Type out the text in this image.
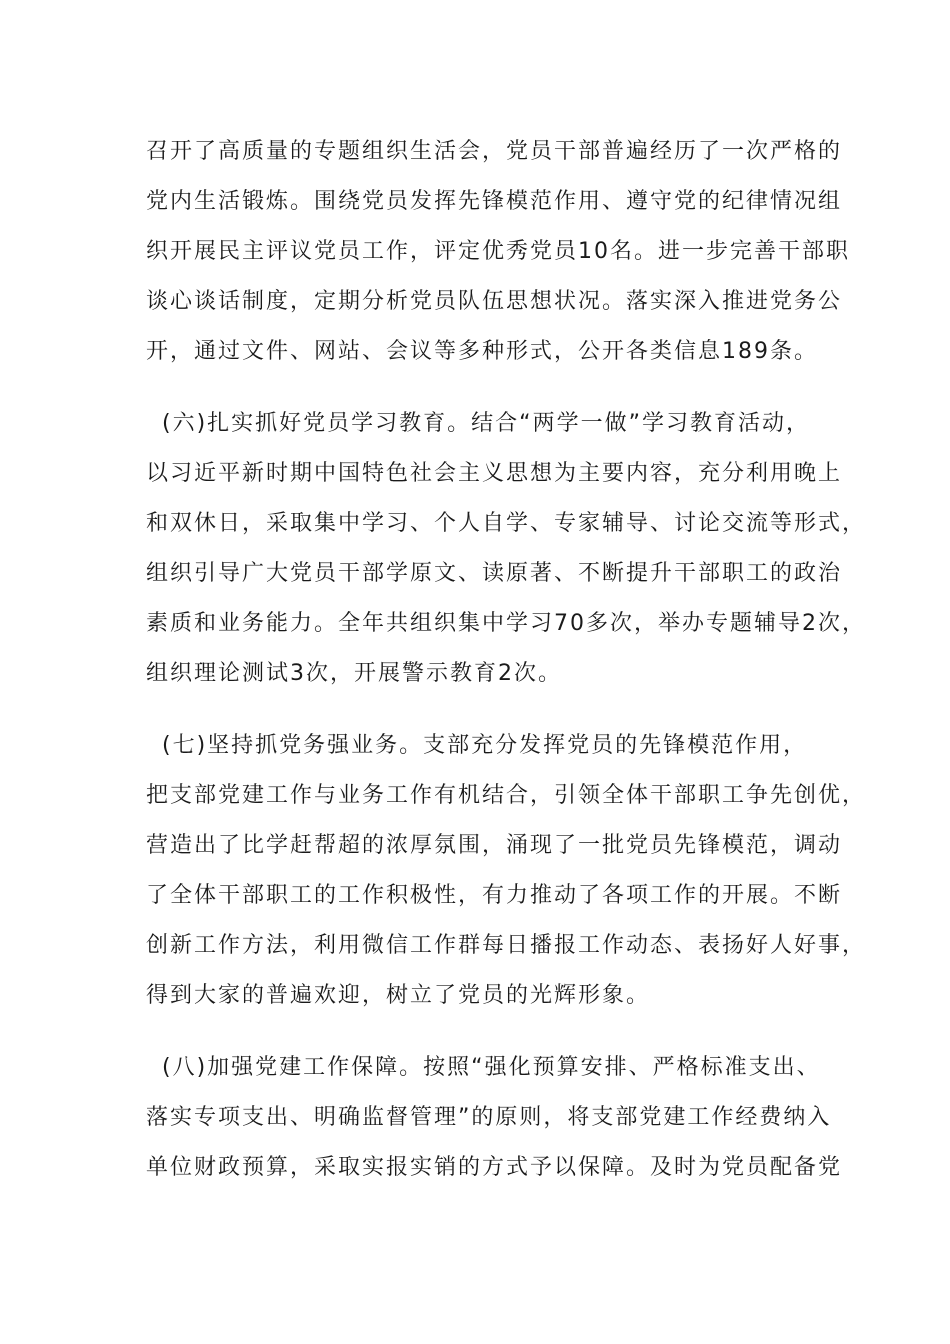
召开了高质量的专题组织生活会，党员干部普遍经历了一次严格的

党内生活锻炼。围绕党员发挥先锋模范作用、遵守党的纪律情况组

织开展民主评议党员工作，评定优秀党员10名。进一步完善干部职

谈心谈话制度，定期分析党员队伍思想状况。落实深入推进党务公

开，通过文件、网站、会议等多种形式，公开各类信息189条。

(六)扎实抓好党员学习教育。结合“两学一做”学习教育活动，

以习近平新时期中国特色社会主义思想为主要内容，充分利用晚上

和双休日，采取集中学习、个人自学、专家辅导、讨论交流等形式，

组织引导广大党员干部学原文、读原著、不断提升干部职工的政治

素质和业务能力。全年共组织集中学习70多次，举办专题辅导2次，

组织理论测试3次，开展警示教育2次。

(七)坚持抓党务强业务。支部充分发挥党员的先锋模范作用，

把支部党建工作与业务工作有机结合，引领全体干部职工争先创优，

营造出了比学赶帮超的浓厚氛围，涌现了一批党员先锋模范，调动

了全体干部职工的工作积极性，有力推动了各项工作的开展。不断

创新工作方法，利用微信工作群每日播报工作动态、表扬好人好事，

得到大家的普遍欢迎，树立了党员的光辉形象。

(八)加强党建工作保障。按照“强化预算安排、严格标准支出、

落实专项支出、明确监督管理”的原则，将支部党建工作经费纳入

单位财政预算，采取实报实销的方式予以保障。及时为党员配备党
